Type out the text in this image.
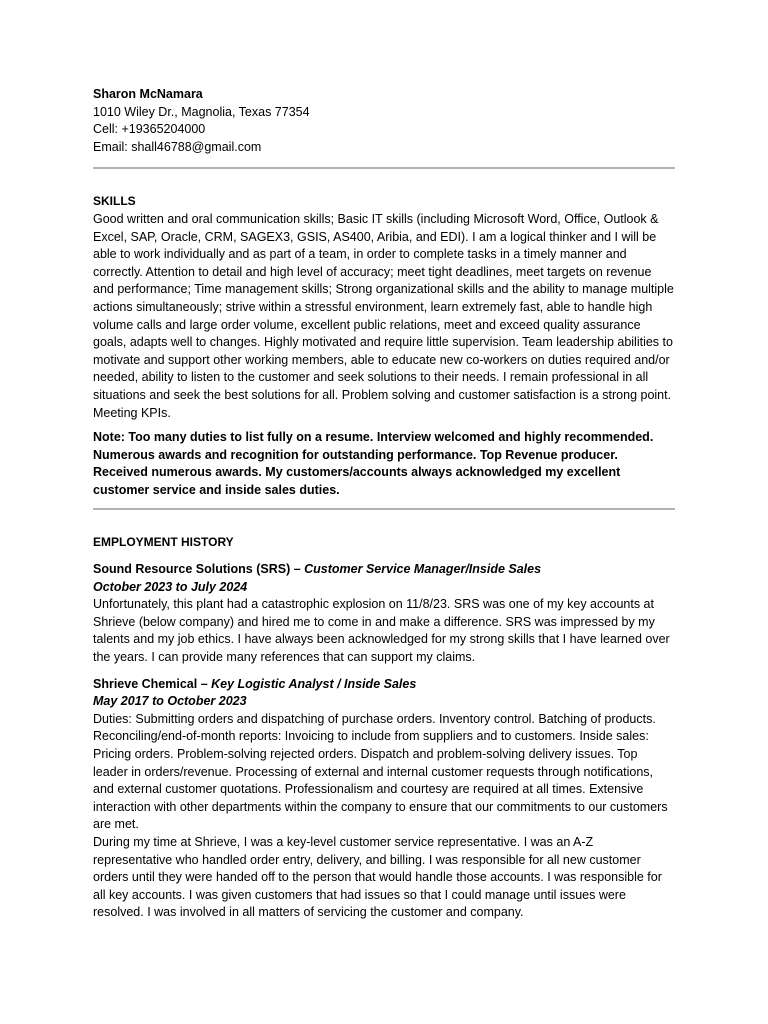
Sharon McNamara

1010 Wiley Dr., Magnolia, Texas 77354

Cell: +19365204000

Email: shall46788@gmail.com

SKILLS

Good written and oral communication skills; Basic IT skills (including Microsoft Word, Office, Outlook & Excel, SAP, Oracle, CRM, SAGEX3, GSIS, AS400, Aribia, and EDI). I am a logical thinker and I will be able to work individually and as part of a team, in order to complete tasks in a timely manner and correctly. Attention to detail and high level of accuracy; meet tight deadlines, meet targets on revenue and performance; Time management skills; Strong organizational skills and the ability to manage multiple actions simultaneously; strive within a stressful environment, learn extremely fast, able to handle high volume calls and large order volume, excellent public relations, meet and exceed quality assurance goals, adapts well to changes. Highly motivated and require little supervision. Team leadership abilities to motivate and support other working members, able to educate new co-workers on duties required and/or needed, ability to listen to the customer and seek solutions to their needs. I remain professional in all situations and seek the best solutions for all. Problem solving and customer satisfaction is a strong point. Meeting KPIs.

Note: Too many duties to list fully on a resume. Interview welcomed and highly recommended. Numerous awards and recognition for outstanding performance. Top Revenue producer. Received numerous awards. My customers/accounts always acknowledged my excellent customer service and inside sales duties.

EMPLOYMENT HISTORY

Sound Resource Solutions (SRS) – Customer Service Manager/Inside Sales

October 2023 to July 2024

Unfortunately, this plant had a catastrophic explosion on 11/8/23. SRS was one of my key accounts at Shrieve (below company) and hired me to come in and make a difference. SRS was impressed by my talents and my job ethics. I have always been acknowledged for my strong skills that I have learned over the years. I can provide many references that can support my claims.

Shrieve Chemical – Key Logistic Analyst / Inside Sales

May 2017 to October 2023

Duties: Submitting orders and dispatching of purchase orders. Inventory control. Batching of products. Reconciling/end-of-month reports: Invoicing to include from suppliers and to customers. Inside sales: Pricing orders. Problem-solving rejected orders. Dispatch and problem-solving delivery issues. Top leader in orders/revenue. Processing of external and internal customer requests through notifications, and external customer quotations. Professionalism and courtesy are required at all times. Extensive interaction with other departments within the company to ensure that our commitments to our customers are met.

During my time at Shrieve, I was a key-level customer service representative. I was an A-Z representative who handled order entry, delivery, and billing. I was responsible for all new customer orders until they were handed off to the person that would handle those accounts. I was responsible for all key accounts. I was given customers that had issues so that I could manage until issues were resolved. I was involved in all matters of servicing the customer and company.
